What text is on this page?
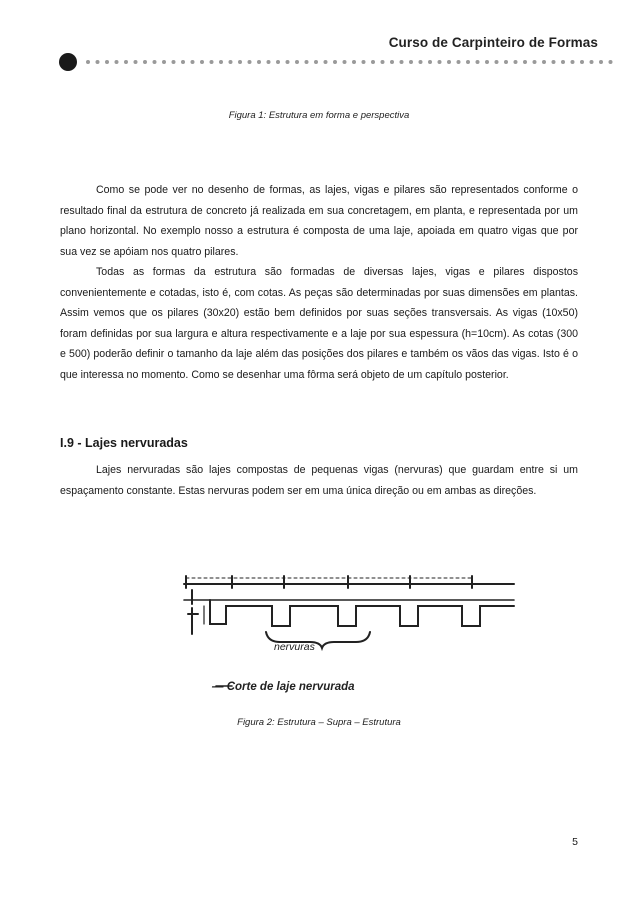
Curso de Carpinteiro de Formas
Figura 1: Estrutura em forma e perspectiva

Como se pode ver no desenho de formas, as lajes, vigas e pilares são representados conforme o resultado final da estrutura de concreto já realizada em sua concretagem, em planta, e representada por um plano horizontal. No exemplo nosso a estrutura é composta de uma laje, apoiada em quatro vigas que por sua vez se apóiam nos quatro pilares.

Todas as formas da estrutura são formadas de diversas lajes, vigas e pilares dispostos convenientemente e cotadas, isto é, com cotas. As peças são determinadas por suas dimensões em plantas. Assim vemos que os pilares (30x20) estão bem definidos por suas seções transversais. As vigas (10x50) foram definidas por sua largura e altura respectivamente e a laje por sua espessura (h=10cm). As cotas (300 e 500) poderão definir o tamanho da laje além das posições dos pilares e também os vãos das vigas. Isto é o que interessa no momento. Como se desenhar uma fôrma será objeto de um capítulo posterior.

I.9 - Lajes nervuradas

Lajes nervuradas são lajes compostas de pequenas vigas (nervuras) que guardam entre si um espaçamento constante. Estas nervuras podem ser em uma única direção ou em ambas as direções.

nervuras
— Corte de laje nervurada
Figura 2: Estrutura – Supra – Estrutura
5
